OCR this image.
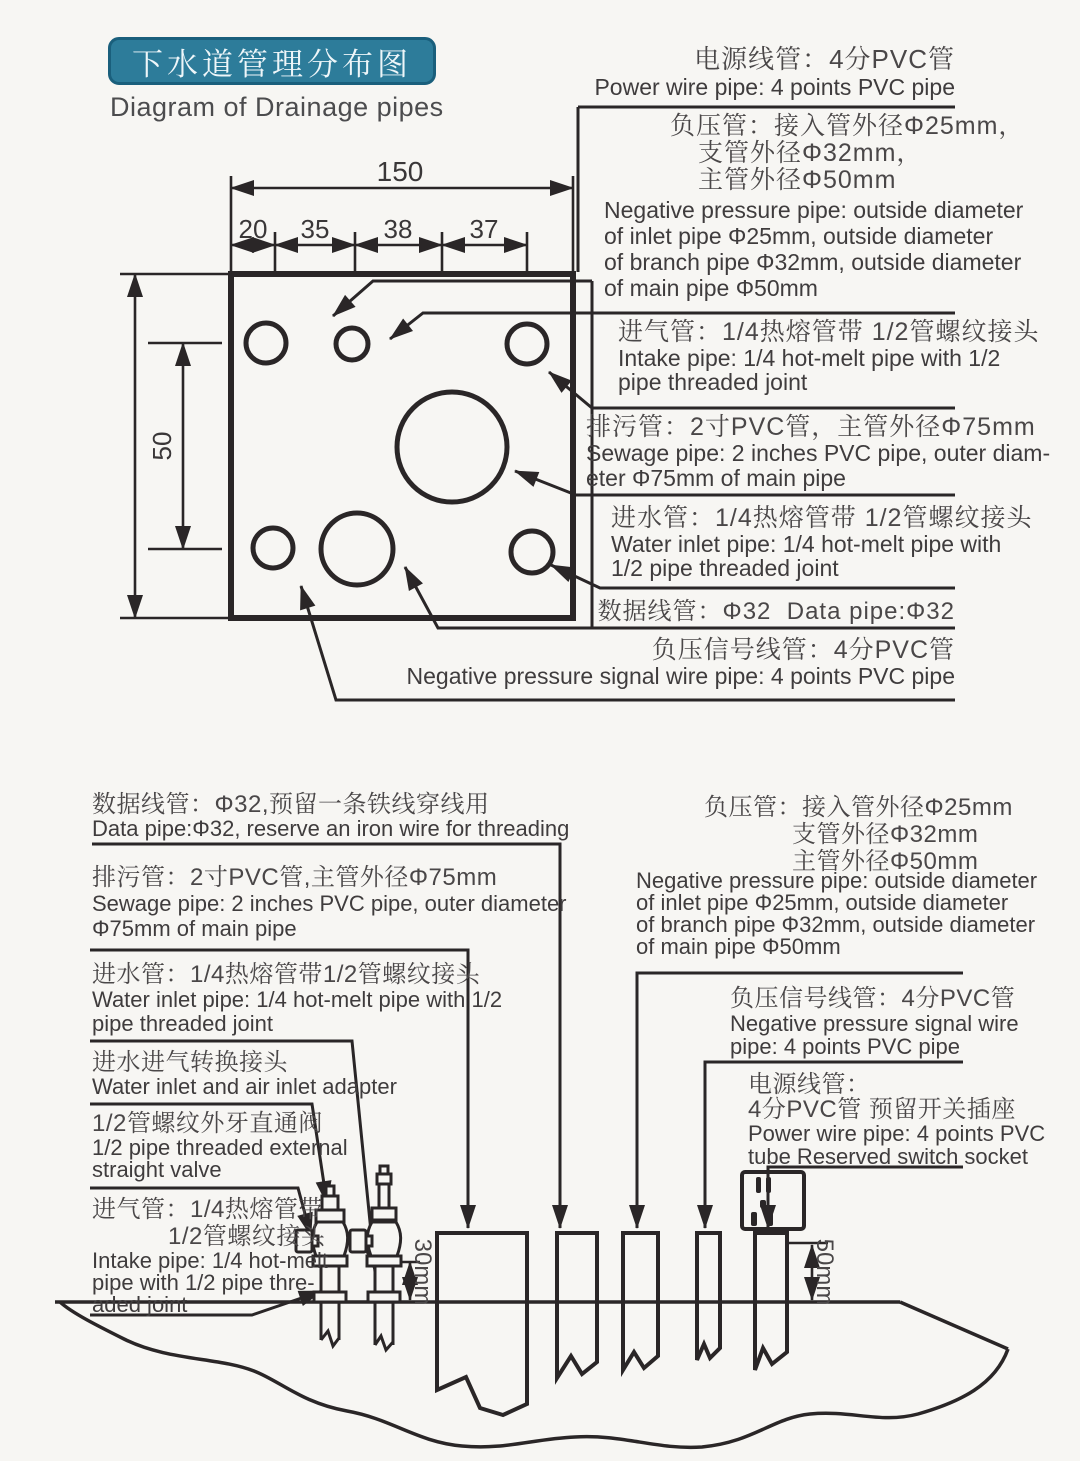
下水道管理分布图
Diagram of Drainage pipes
150
20 35 38 37
50
30mm	50mm
电源线管：4分PVC管
Power wire pipe: 4 points PVC pipe
负压管：接入管外径Φ25mm，
支管外径Φ32mm，
主管外径Φ50mm
Negative pressure pipe: outside diameter
of inlet pipe Φ25mm, outside diameter
of branch pipe Φ32mm, outside diameter
of main pipe Φ50mm
进气管：1/4热熔管带 1/2管螺纹接头
Intake pipe: 1/4 hot-melt pipe with 1/2
pipe threaded joint
排污管：2寸PVC管，主管外径Φ75mm
Sewage pipe: 2 inches PVC pipe, outer diam-
eter Φ75mm of main pipe
进水管：1/4热熔管带 1/2管螺纹接头
Water inlet pipe: 1/4 hot-melt pipe with
1/2 pipe threaded joint
数据线管：Φ32  Data pipe:Φ32
负压信号线管：4分PVC管
Negative pressure signal wire pipe: 4 points PVC pipe
数据线管：Φ32,预留一条铁线穿线用
Data pipe:Φ32, reserve an iron wire for threading
排污管：2寸PVC管,主管外径Φ75mm
Sewage pipe: 2 inches PVC pipe, outer diameter
Φ75mm of main pipe
进水管：1/4热熔管带1/2管螺纹接头
Water inlet pipe: 1/4 hot-melt pipe with 1/2
pipe threaded joint
进水进气转换接头
Water inlet and air inlet adapter
1/2管螺纹外牙直通阀
1/2 pipe threaded external
straight valve
进气管：1/4热熔管带
1/2管螺纹接头
Intake pipe: 1/4 hot-melt
pipe with 1/2 pipe thre-
aded joint
负压管：接入管外径Φ25mm
支管外径Φ32mm
主管外径Φ50mm
Negative pressure pipe: outside diameter
of inlet pipe Φ25mm, outside diameter
of branch pipe Φ32mm, outside diameter
of main pipe Φ50mm
负压信号线管：4分PVC管
Negative pressure signal wire
pipe: 4 points PVC pipe
电源线管：
4分PVC管 预留开关插座
Power wire pipe: 4 points PVC
tube Reserved switch socket
